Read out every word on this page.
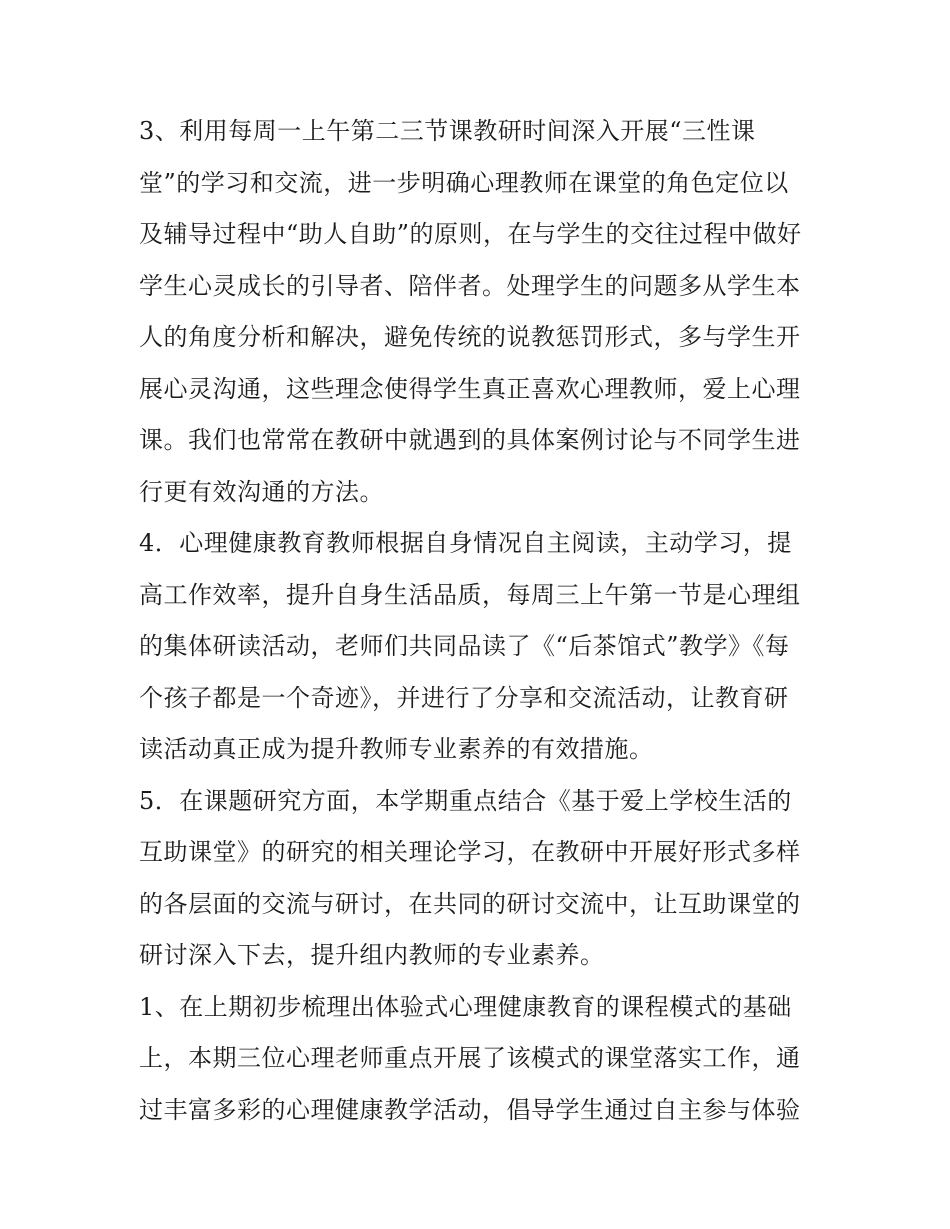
3、利用每周一上午第二三节课教研时间深入开展“三性课
堂”的学习和交流，进一步明确心理教师在课堂的角色定位以
及辅导过程中“助人自助”的原则，在与学生的交往过程中做好
学生心灵成长的引导者、陪伴者。处理学生的问题多从学生本
人的角度分析和解决，避免传统的说教惩罚形式，多与学生开
展心灵沟通，这些理念使得学生真正喜欢心理教师，爱上心理
课。我们也常常在教研中就遇到的具体案例讨论与不同学生进
行更有效沟通的方法。
4．心理健康教育教师根据自身情况自主阅读，主动学习，提
高工作效率，提升自身生活品质，每周三上午第一节是心理组
的集体研读活动，老师们共同品读了《“后茶馆式”教学》《每
个孩子都是一个奇迹》，并进行了分享和交流活动，让教育研
读活动真正成为提升教师专业素养的有效措施。
5．在课题研究方面，本学期重点结合《基于爱上学校生活的
互助课堂》的研究的相关理论学习，在教研中开展好形式多样
的各层面的交流与研讨，在共同的研讨交流中，让互助课堂的
研讨深入下去，提升组内教师的专业素养。
1、在上期初步梳理出体验式心理健康教育的课程模式的基础
上，本期三位心理老师重点开展了该模式的课堂落实工作，通
过丰富多彩的心理健康教学活动，倡导学生通过自主参与体验
